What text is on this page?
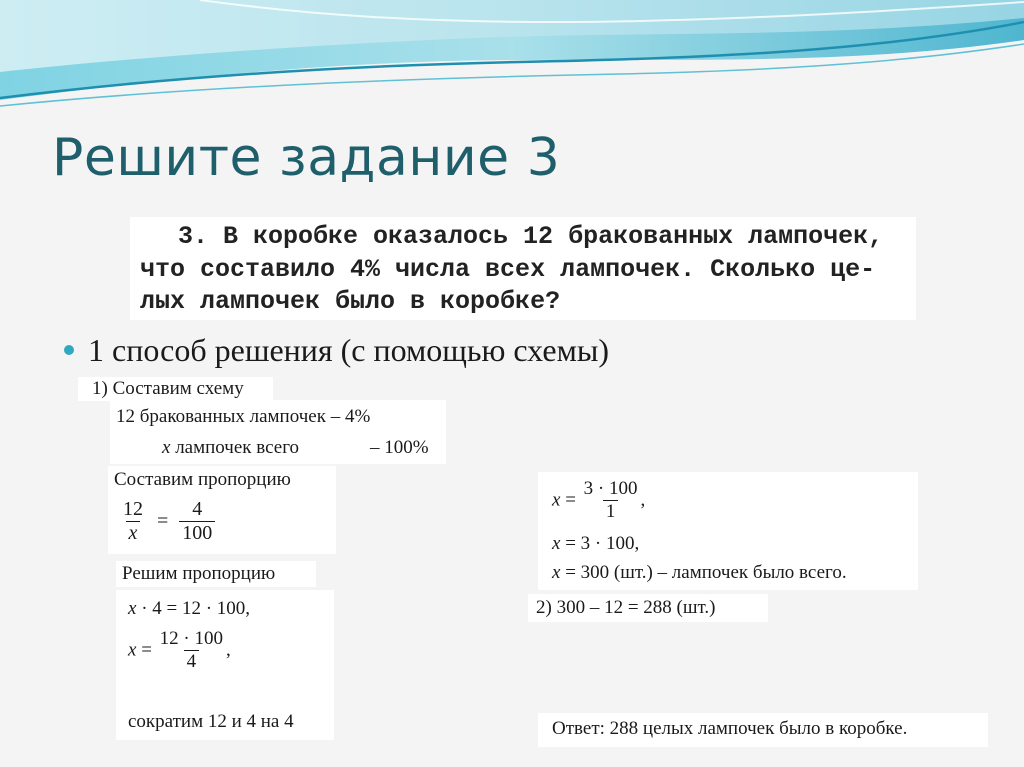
Решите задание 3
3. В коробке оказалось 12 бракованных лампочек,
что составило 4% числа всех лампочек. Сколько це-
лых лампочек было в коробке?
1 способ решения (с помощью схемы)
1) Составим схему
12 бракованных лампочек – 4%
x лампочек всего	– 100%
Составим пропорцию
$\frac{12}{x} = \frac{4}{100}$
Решим пропорцию
x · 4 = 12 · 100,
$x = \frac{12 \cdot 100}{4}$ ,
сократим 12 и 4 на 4
$x = \frac{3 \cdot 100}{1}$ ,
x = 3 · 100,
x = 300 (шт.) – лампочек было всего.
2) 300 – 12 = 288 (шт.)
Ответ: 288 целых лампочек было в коробке.
